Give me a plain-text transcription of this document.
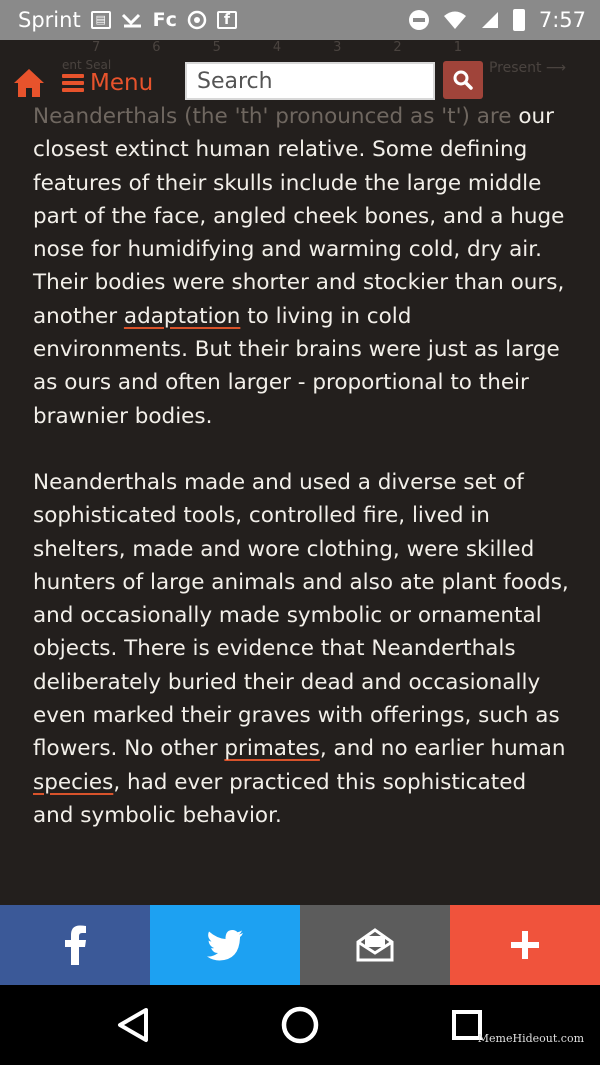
Sprint	▤ Fc	f	7:57
7	6	5	4	3	2	1
ent Seal	Present ⟶
Menu
Search

Neanderthals (the 'th' pronounced as 't') are our closest extinct human relative. Some defining features of their skulls include the large middle part of the face, angled cheek bones, and a huge nose for humidifying and warming cold, dry air. Their bodies were shorter and stockier than ours, another adaptation to living in cold environments. But their brains were just as large as ours and often larger - proportional to their brawnier bodies.

Neanderthals made and used a diverse set of sophisticated tools, controlled fire, lived in shelters, made and wore clothing, were skilled hunters of large animals and also ate plant foods, and occasionally made symbolic or ornamental objects. There is evidence that Neanderthals deliberately buried their dead and occasionally even marked their graves with offerings, such as flowers. No other primates, and no earlier human species, had ever practiced this sophisticated and symbolic behavior.

MemeHideout.com
